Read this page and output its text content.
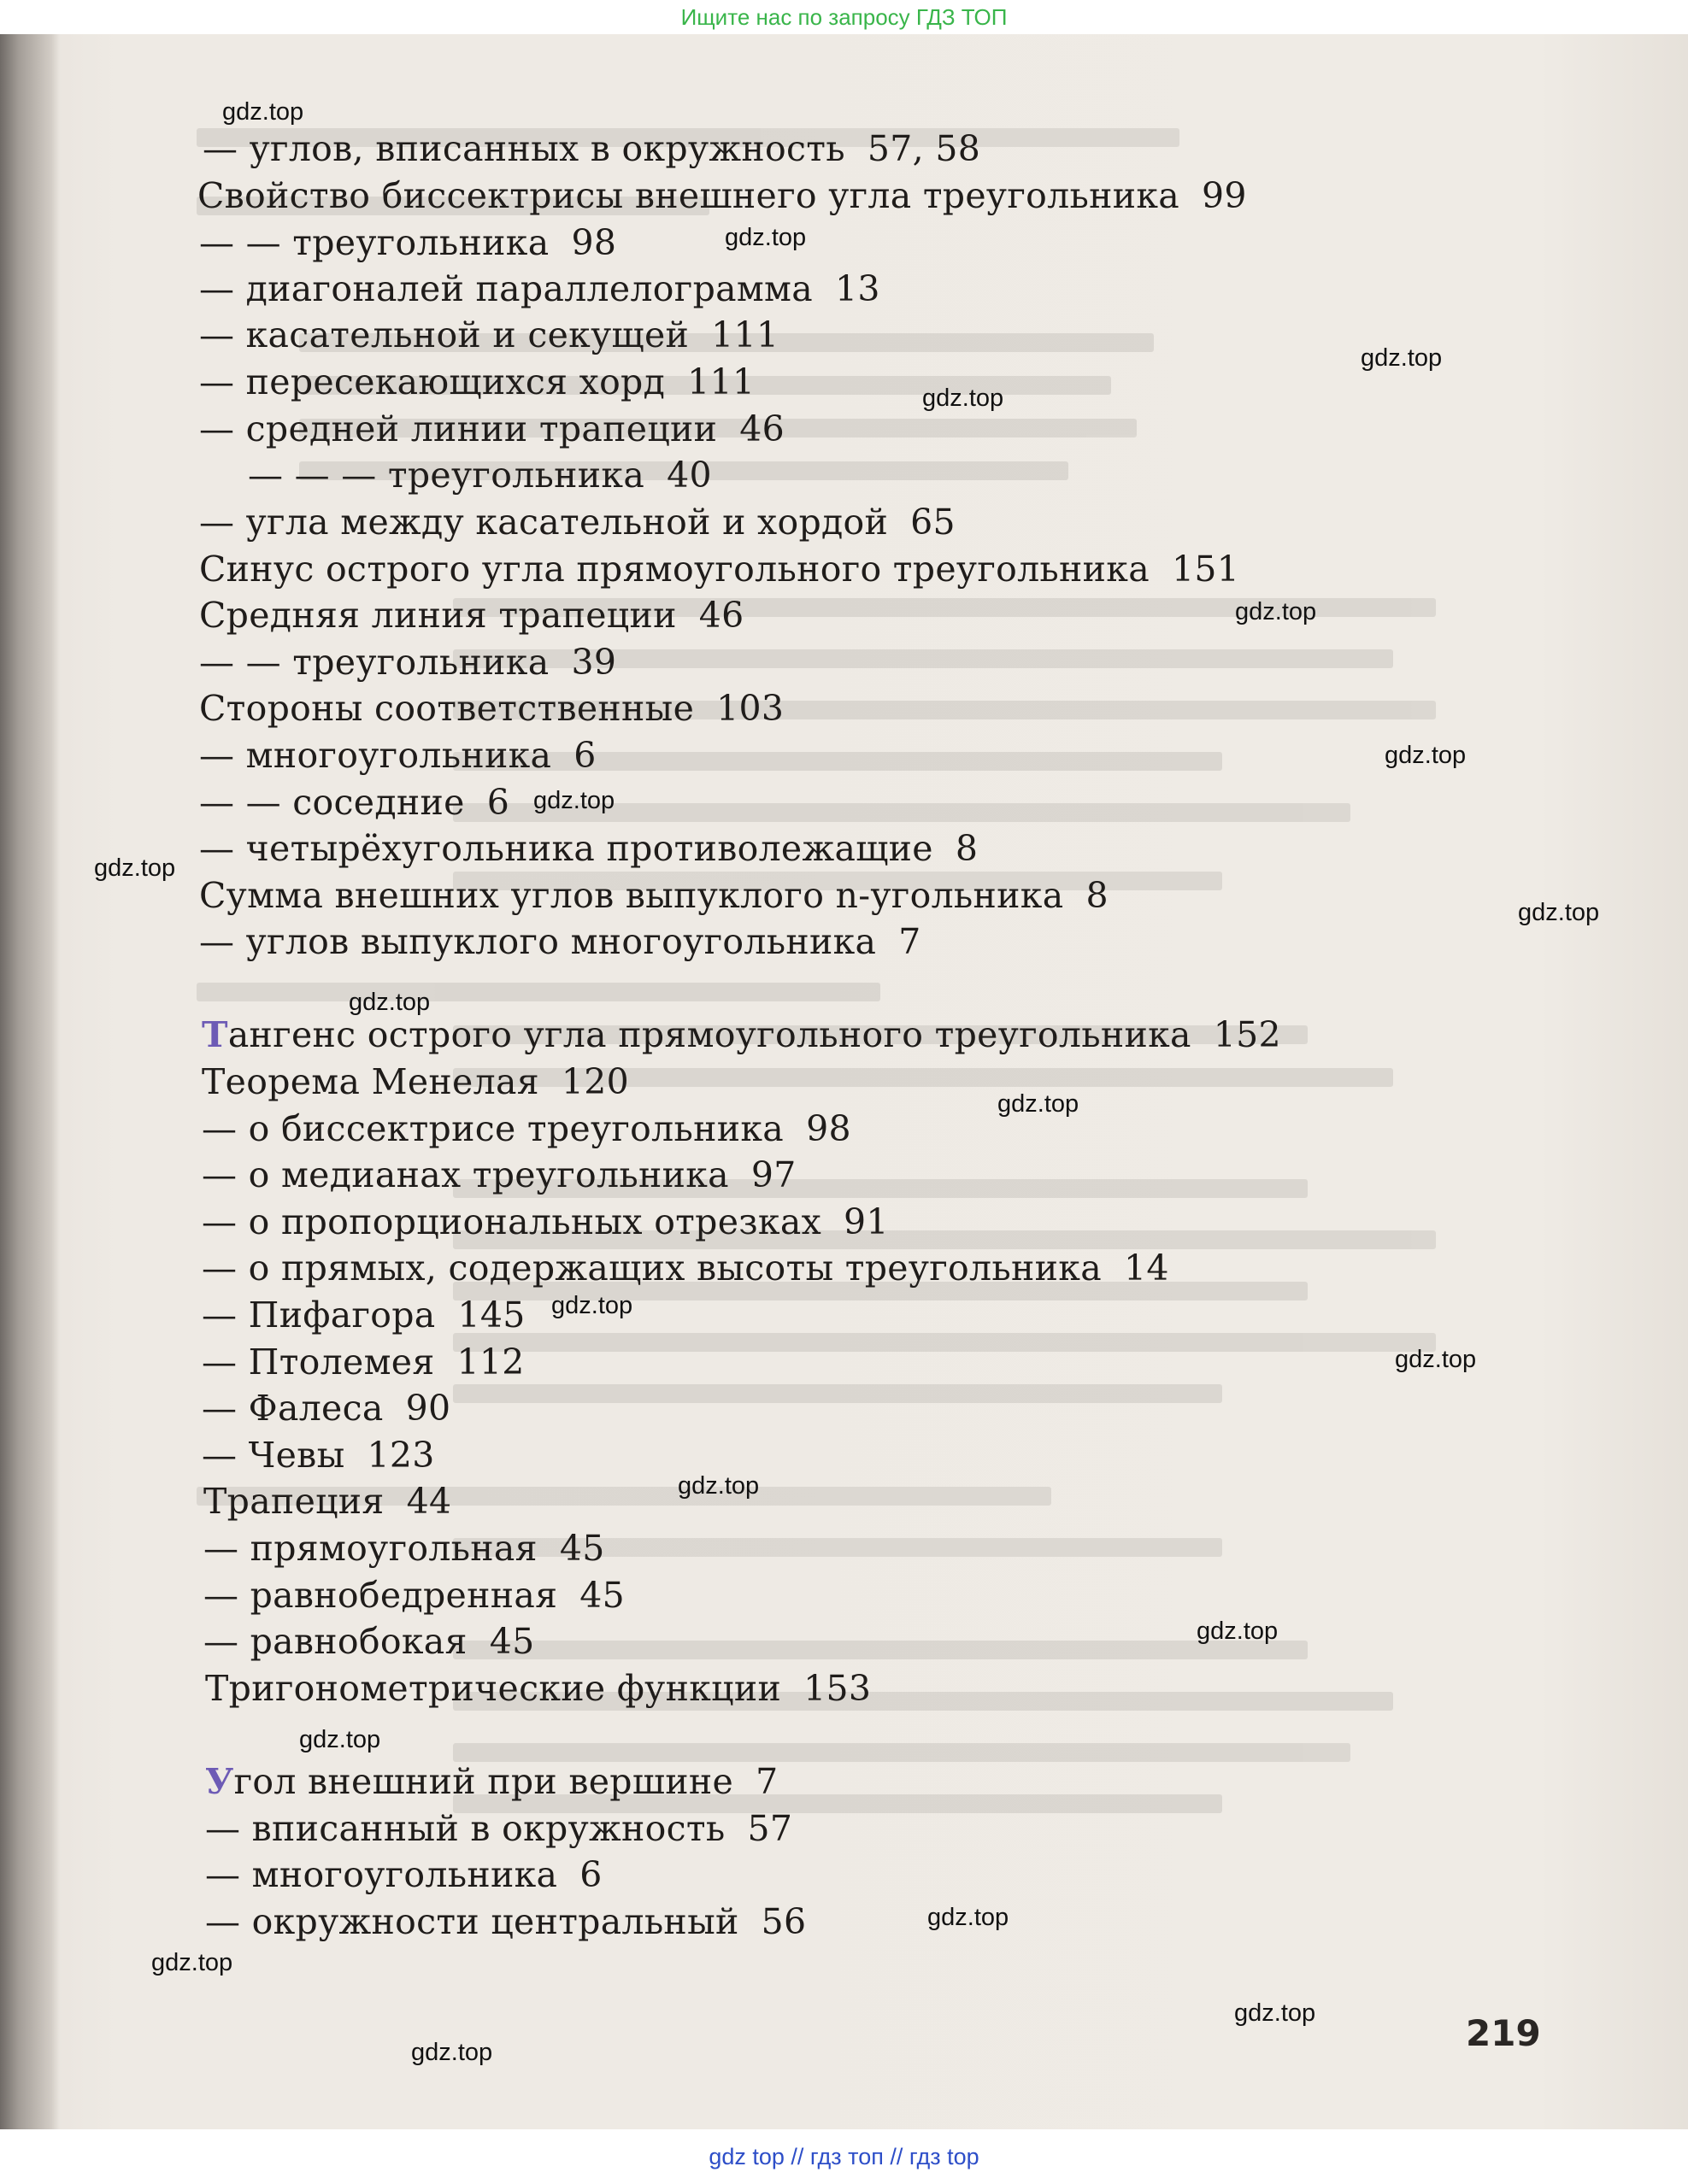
Ищите нас по запросу ГДЗ ТОП
— углов, вписанных в окружность 57, 58
Свойство биссектрисы внешнего угла треугольника 99
— — треугольника 98
— диагоналей параллелограмма 13
— касательной и секущей 111
— пересекающихся хорд 111
— средней линии трапеции 46
— — — треугольника 40
— угла между касательной и хордой 65
Синус острого угла прямоугольного треугольника 151
Средняя линия трапеции 46
— — треугольника 39
Стороны соответственные 103
— многоугольника 6
— — соседние 6
— четырёхугольника противолежащие 8
Сумма внешних углов выпуклого n-угольника 8
— углов выпуклого многоугольника 7
Тангенс острого угла прямоугольного треугольника 152
Теорема Менелая 120
— о биссектрисе треугольника 98
— о медианах треугольника 97
— о пропорциональных отрезках 91
— о прямых, содержащих высоты треугольника 14
— Пифагора 145
— Птолемея 112
— Фалеса 90
— Чевы 123
Трапеция 44
— прямоугольная 45
— равнобедренная 45
— равнобокая 45
Тригонометрические функции 153
Угол внешний при вершине 7
— вписанный в окружность 57
— многоугольника 6
— окружности центральный 56
gdz.top
gdz.top
gdz.top
gdz.top
gdz.top
gdz.top
gdz.top
gdz.top
gdz.top
gdz.top
gdz.top
gdz.top
gdz.top
gdz.top
gdz.top
gdz.top
gdz.top
gdz.top
gdz.top
gdz.top	219
gdz top // гдз топ // гдз top
